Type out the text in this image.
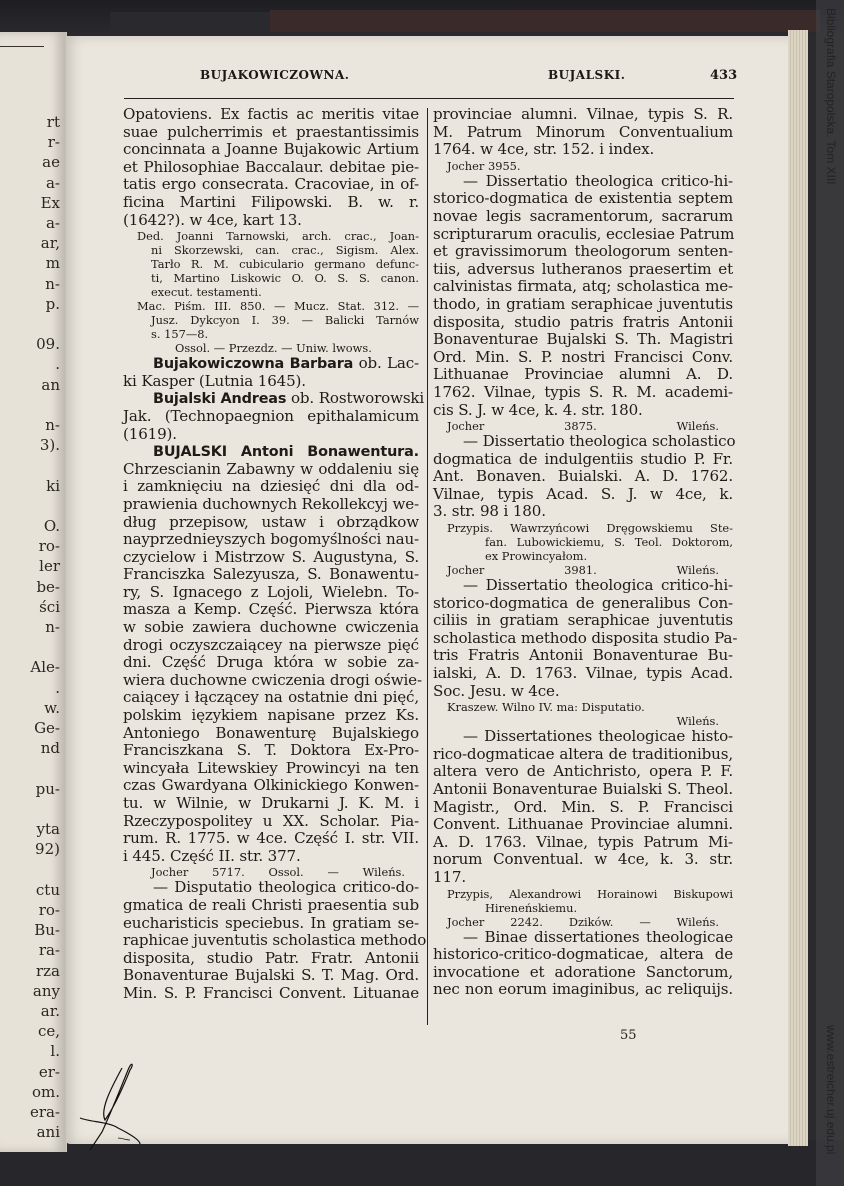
rt
r-
ae
a-
Ex
a-
ar,
m
n-
p.

09.
.
an

n-
3).

ki

O.
ro-
ler
be-
ści
n-

Ale-
.
w.
Ge-
nd

pu-

yta
92)

ctu
ro-
Bu-
ra-
rza
any
ar.
ce,
l.
er-
om.
era-
ani
Bibliografia Staropolska. Tom XIII
www.estreicher.uj.edu.pl
BUJAKOWICZOWNA.	BUJALSKI.	433
Opatoviens. Ex factis ac meritis vitae
suae pulcherrimis et praestantissimis
concinnata a Joanne Bujakowic Artium
et Philosophiae Baccalaur. debitae pie-
tatis ergo consecrata. Cracoviae, in of-
ficina Martini Filipowski. B. w. r.
(1642?). w 4ce, kart 13.
Ded. Joanni Tarnowski, arch. crac., Joan-
ni Skorzewski, can. crac., Sigism. Alex.
Tarło R. M. cubiculario germano defunc-
ti, Martino Liskowic O. O. S. S. canon.
execut. testamenti.
Mac. Piśm. III. 850. — Mucz. Stat. 312. —
Jusz. Dykcyon I. 39. — Balicki Tarnów
s. 157—8.
Ossol. — Przezdz. — Uniw. lwows.
Bujakowiczowna Barbara ob. Lac-
ki Kasper (Lutnia 1645).
Bujalski Andreas ob. Rostworowski
Jak. (Technopaegnion epithalamicum
(1619).
BUJALSKI Antoni Bonawentura.
Chrzescianin Zabawny w oddaleniu się
i zamknięciu na dziesięć dni dla od-
prawienia duchownych Rekollekcyj we-
dług przepisow, ustaw i obrządkow
nayprzednieyszych bogomyślności nau-
czycielow i Mistrzow S. Augustyna, S.
Franciszka Salezyusza, S. Bonawentu-
ry, S. Ignacego z Lojoli, Wielebn. To-
masza a Kemp. Część. Pierwsza która
w sobie zawiera duchowne cwiczenia
drogi oczyszczaiącey na pierwsze pięć
dni. Część Druga która w sobie za-
wiera duchowne cwiczenia drogi oświe-
caiącey i łączącey na ostatnie dni pięć,
polskim ięzykiem napisane przez Ks.
Antoniego Bonawenturę Bujalskiego
Franciszkana S. T. Doktora Ex-Pro-
wincyała Litewskiey Prowincyi na ten
czas Gwardyana Olkinickiego Konwen-
tu. w Wilnie, w Drukarni J. K. M. i
Rzeczypospolitey u XX. Scholar. Pia-
rum. R. 1775. w 4ce. Część I. str. VII.
i 445. Część II. str. 377.
Jocher 5717. Ossol. — Wileńs.
— Disputatio theologica critico-do-
gmatica de reali Christi praesentia sub
eucharisticis speciebus. In gratiam se-
raphicae juventutis scholastica methodo
disposita, studio Patr. Fratr. Antonii
Bonaventurae Bujalski S. T. Mag. Ord.
Min. S. P. Francisci Convent. Lituanae
provinciae alumni. Vilnae, typis S. R.
M. Patrum Minorum Conventualium
1764. w 4ce, str. 152. i index.
Jocher 3955.
— Dissertatio theologica critico-hi-
storico-dogmatica de existentia septem
novae legis sacramentorum, sacrarum
scripturarum oraculis, ecclesiae Patrum
et gravissimorum theologorum senten-
tiis, adversus lutheranos praesertim et
calvinistas firmata, atq; scholastica me-
thodo, in gratiam seraphicae juventutis
disposita, studio patris fratris Antonii
Bonaventurae Bujalski S. Th. Magistri
Ord. Min. S. P. nostri Francisci Conv.
Lithuanae Provinciae alumni A. D.
1762. Vilnae, typis S. R. M. academi-
cis S. J. w 4ce, k. 4. str. 180.
Jocher 3875.	Wileńs.
— Dissertatio theologica scholastico
dogmatica de indulgentiis studio P. Fr.
Ant. Bonaven. Buialski. A. D. 1762.
Vilnae, typis Acad. S. J. w 4ce, k.
3. str. 98 i 180.
Przypis. Wawrzyńcowi Dręgowskiemu Ste-
fan. Lubowickiemu, S. Teol. Doktorom,
ex Prowincyałom.
Jocher 3981.	Wileńs.
— Dissertatio theologica critico-hi-
storico-dogmatica de generalibus Con-
ciliis in gratiam seraphicae juventutis
scholastica methodo disposita studio Pa-
tris Fratris Antonii Bonaventurae Bu-
ialski, A. D. 1763. Vilnae, typis Acad.
Soc. Jesu. w 4ce.
Kraszew. Wilno IV. ma: Disputatio.
Wileńs.
— Dissertationes theologicae histo-
rico-dogmaticae altera de traditionibus,
altera vero de Antichristo, opera P. F.
Antonii Bonaventurae Buialski S. Theol.
Magistr., Ord. Min. S. P. Francisci
Convent. Lithuanae Provinciae alumni.
A. D. 1763. Vilnae, typis Patrum Mi-
norum Conventual. w 4ce, k. 3. str.
117.
Przypis, Alexandrowi Horainowi Biskupowi
Hireneńskiemu.
Jocher 2242. Dzików. — Wileńs.
— Binae dissertationes theologicae
historico-critico-dogmaticae, altera de
invocatione et adoratione Sanctorum,
nec non eorum imaginibus, ac reliquijs.
55
